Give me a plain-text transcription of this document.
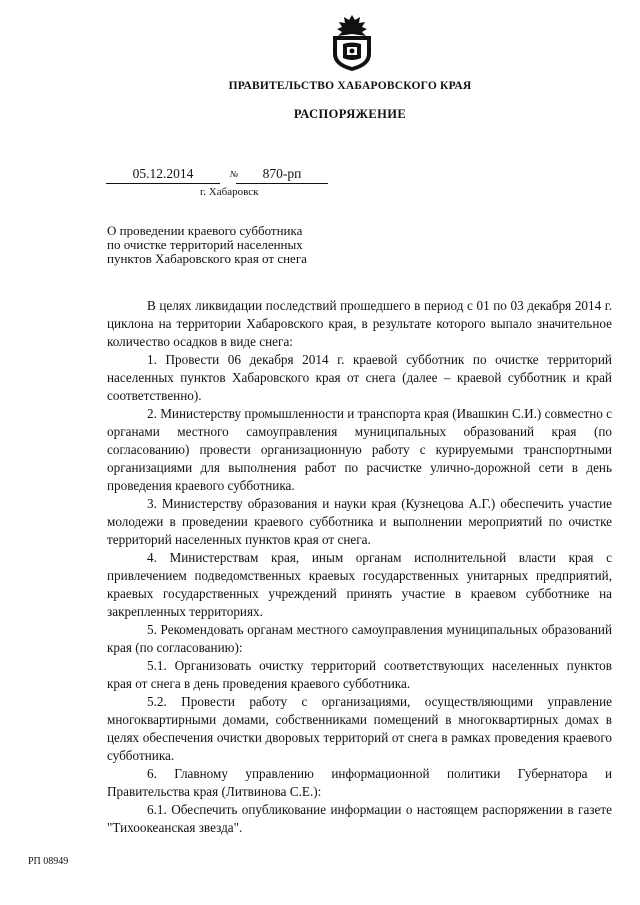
ПРАВИТЕЛЬСТВО ХАБАРОВСКОГО КРАЯ
РАСПОРЯЖЕНИЕ
05.12.2014	№	870-рп
г. Хабаровск
О проведении краевого субботника
по очистке территорий населенных
пунктов Хабаровского края от снега

В целях ликвидации последствий прошедшего в период с 01 по 03 декабря 2014 г. циклона на территории Хабаровского края, в результате которого выпало значительное количество осадков в виде снега:

1. Провести 06 декабря 2014 г. краевой субботник по очистке территорий населенных пунктов Хабаровского края от снега (далее – краевой субботник и край соответственно).

2. Министерству промышленности и транспорта края (Ивашкин С.И.) совместно с органами местного самоуправления муниципальных образований края (по согласованию) провести организационную работу с курируемыми транспортными организациями для выполнения работ по расчистке улично-дорожной сети в день проведения краевого субботника.

3. Министерству образования и науки края (Кузнецова А.Г.) обеспечить участие молодежи в проведении краевого субботника и выполнении мероприятий по очистке территорий населенных пунктов края от снега.

4. Министерствам края, иным органам исполнительной власти края с привлечением подведомственных краевых государственных унитарных предприятий, краевых государственных учреждений принять участие в краевом субботнике на закрепленных территориях.

5. Рекомендовать органам местного самоуправления муниципальных образований края (по согласованию):

5.1. Организовать очистку территорий соответствующих населенных пунктов края от снега в день проведения краевого субботника.

5.2. Провести работу с организациями, осуществляющими управление многоквартирными домами, собственниками помещений в многоквартирных домах в целях обеспечения очистки дворовых территорий от снега в рамках проведения краевого субботника.

6. Главному управлению информационной политики Губернатора и Правительства края (Литвинова С.Е.):

6.1. Обеспечить опубликование информации о настоящем распоряжении в газете "Тихоокеанская звезда".

РП 08949
